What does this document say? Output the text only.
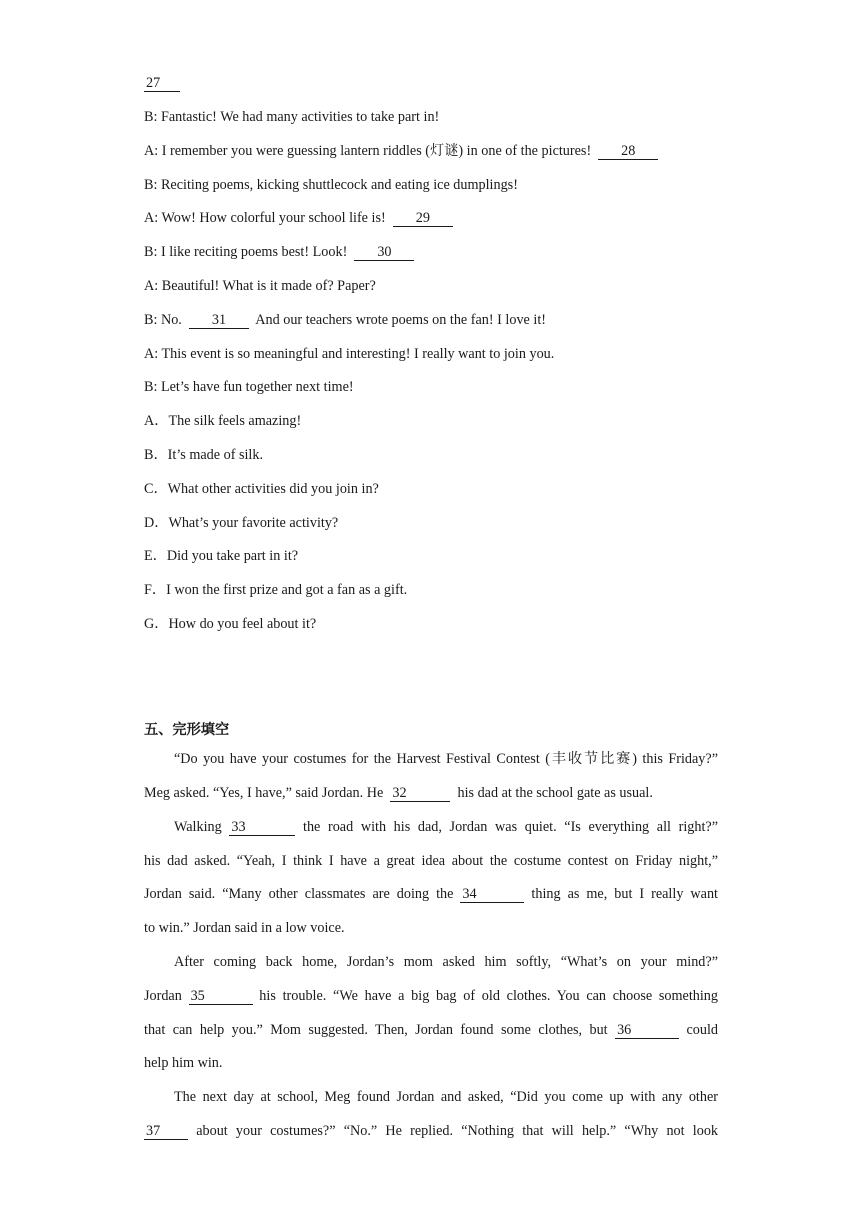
27
B: Fantastic! We had many activities to take part in!
A: I remember you were guessing lantern riddles (灯谜) in one of the pictures! 28
B: Reciting poems, kicking shuttlecock and eating ice dumplings!
A: Wow! How colorful your school life is! 29
B: I like reciting poems best! Look! 30
A: Beautiful! What is it made of? Paper?
B: No. 31 And our teachers wrote poems on the fan! I love it!
A: This event is so meaningful and interesting! I really want to join you.
B: Let’s have fun together next time!
A．The silk feels amazing!
B．It’s made of silk.
C．What other activities did you join in?
D．What’s your favorite activity?
E．Did you take part in it?
F．I won the first prize and got a fan as a gift.
G．How do you feel about it?
五、完形填空
“Do you have your costumes for the Harvest Festival Contest (丰收节比赛) this Friday?”
Meg asked. “Yes, I have,” said Jordan. He 32	his dad at the school gate as usual.
Walking 33	the road with his dad, Jordan was quiet. “Is everything all right?”
his dad asked. “Yeah, I think I have a great idea about the costume contest on Friday night,”
Jordan said. “Many other classmates are doing the 34	thing as me, but I really want
to win.” Jordan said in a low voice.
After coming back home, Jordan’s mom asked him softly, “What’s on your mind?”
Jordan 35	his trouble. “We have a big bag of old clothes. You can choose something
that can help you.” Mom suggested. Then, Jordan found some clothes, but 36	could
help him win.
The next day at school, Meg found Jordan and asked, “Did you come up with any other
37	about your costumes?” “No.” He replied. “Nothing that will help.” “Why not look
